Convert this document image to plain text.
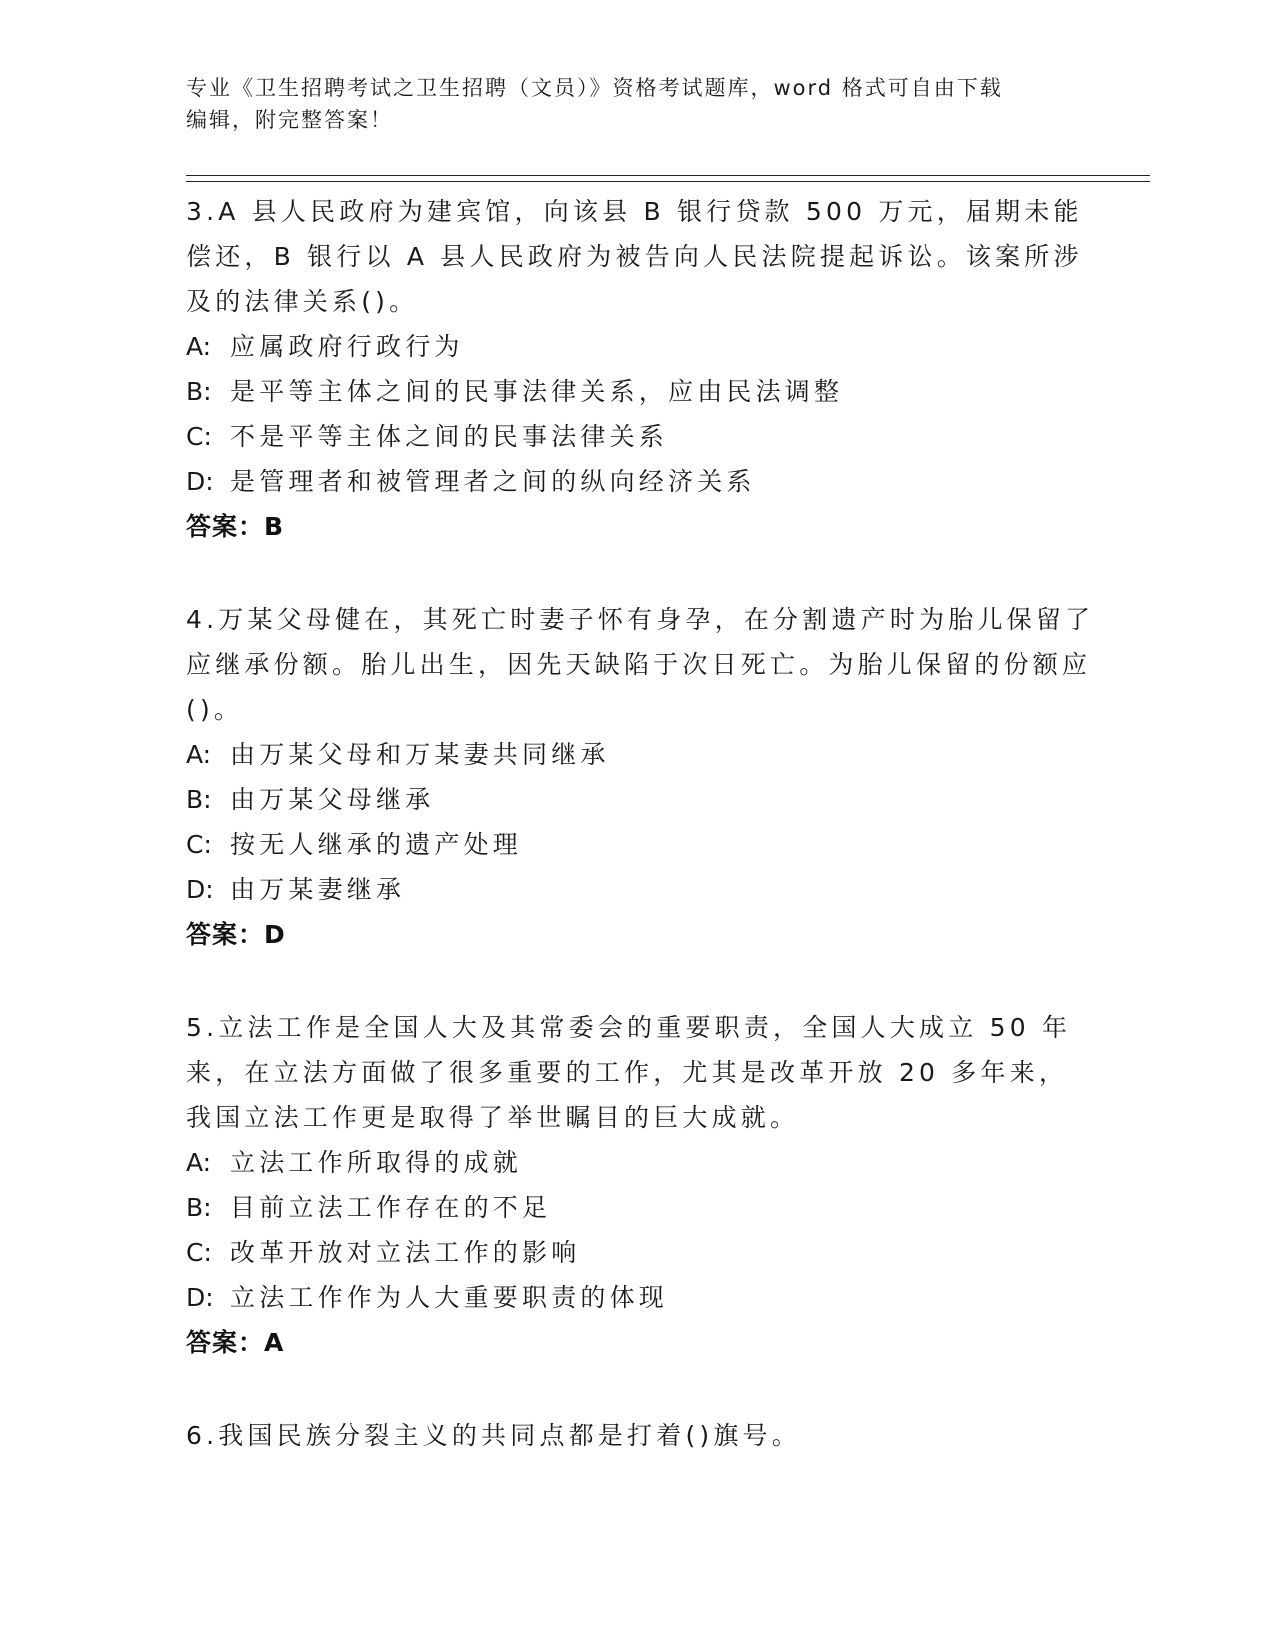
专业《卫生招聘考试之卫生招聘（文员）》资格考试题库，word 格式可自由下载
编辑，附完整答案！

3.A 县人民政府为建宾馆，向该县 B 银行贷款 500 万元，届期未能偿还，B 银行以 A 县人民政府为被告向人民法院提起诉讼。该案所涉及的法律关系()。

A: 应属政府行政行为
B: 是平等主体之间的民事法律关系，应由民法调整
C: 不是平等主体之间的民事法律关系
D: 是管理者和被管理者之间的纵向经济关系
答案：B

4.万某父母健在，其死亡时妻子怀有身孕，在分割遗产时为胎儿保留了应继承份额。胎儿出生，因先天缺陷于次日死亡。为胎儿保留的份额应()。

A: 由万某父母和万某妻共同继承
B: 由万某父母继承
C: 按无人继承的遗产处理
D: 由万某妻继承
答案：D

5.立法工作是全国人大及其常委会的重要职责，全国人大成立 50 年来，在立法方面做了很多重要的工作，尤其是改革开放 20 多年来，我国立法工作更是取得了举世瞩目的巨大成就。

A: 立法工作所取得的成就
B: 目前立法工作存在的不足
C: 改革开放对立法工作的影响
D: 立法工作作为人大重要职责的体现
答案：A

6.我国民族分裂主义的共同点都是打着()旗号。
